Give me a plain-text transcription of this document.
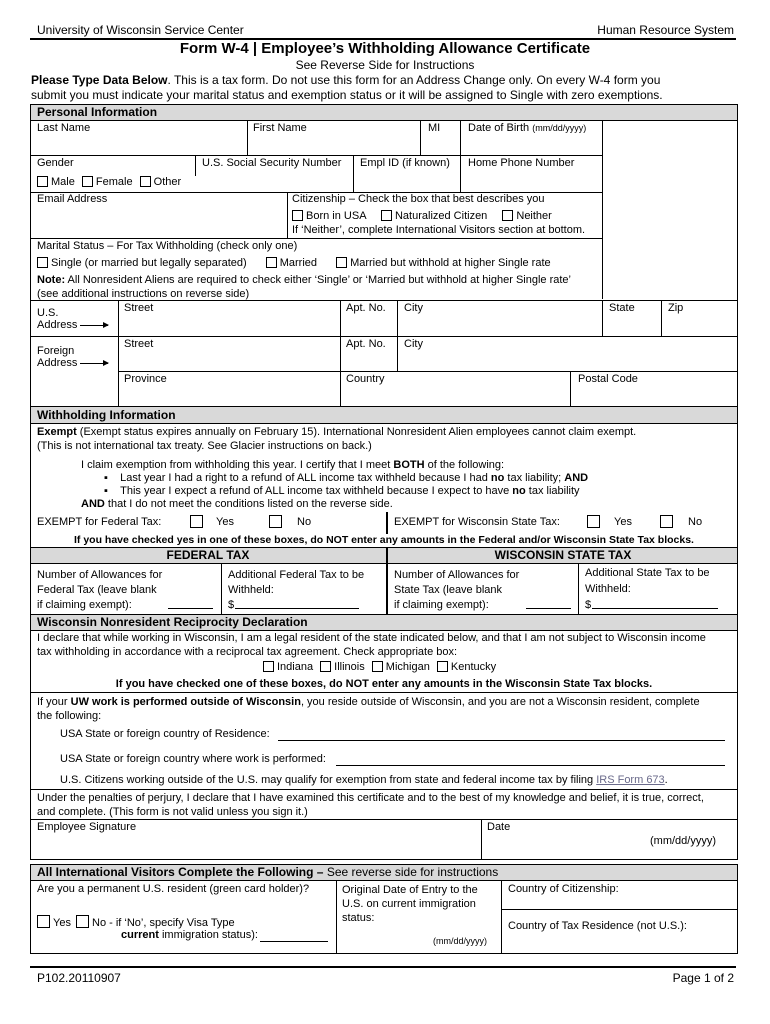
University of Wisconsin Service Center	Human Resource System
Form W-4 | Employee’s Withholding Allowance Certificate
See Reverse Side for Instructions
Please Type Data Below. This is a tax form. Do not use this form for an Address Change only. On every W-4 form you
submit you must indicate your marital status and exemption status or it will be assigned to Single with zero exemptions.
Personal Information
Last Name	First Name	MI	Date of Birth (mm/dd/yyyy)
Gender
Male Female Other
U.S. Social Security Number Empl ID (if known) Home Phone Number
Email Address	Citizenship – Check the box that best describes you
Born in USA	Naturalized Citizen	Neither
If ‘Neither’, complete International Visitors section at bottom.
Marital Status – For Tax Withholding (check only one)
Single (or married but legally separated)	Married	Married but withhold at higher Single rate
Note: All Nonresident Aliens are required to check either ‘Single’ or ‘Married but withhold at higher Single rate’
(see additional instructions on reverse side)
U.S.
Address
Street	Apt. No. City	State	Zip
Foreign
Address
Street	Apt. No. City
Province	Country	Postal Code
Withholding Information
Exempt (Exempt status expires annually on February 15). International Nonresident Alien employees cannot claim exempt.
(This is not international tax treaty. See Glacier instructions on back.)
I claim exemption from withholding this year. I certify that I meet BOTH of the following:
▪    Last year I had a right to a refund of ALL income tax withheld because I had no tax liability; AND
▪    This year I expect a refund of ALL income tax withheld because I expect to have no tax liability
AND that I do not meet the conditions listed on the reverse side.
EXEMPT for Federal Tax:	Yes	No	EXEMPT for Wisconsin State Tax:	Yes	No
If you have checked yes in one of these boxes, do NOT enter any amounts in the Federal and/or Wisconsin State Tax blocks.
FEDERAL TAX	WISCONSIN STATE TAX
Number of Allowances for
Federal Tax (leave blank
if claiming exempt):
Additional Federal Tax to be
Withheld:
$
Number of Allowances for
State Tax (leave blank
if claiming exempt):
Additional State Tax to be
Withheld:
$
Wisconsin Nonresident Reciprocity Declaration
I declare that while working in Wisconsin, I am a legal resident of the state indicated below, and that I am not subject to Wisconsin income
tax withholding in accordance with a reciprocal tax agreement. Check appropriate box:
Indiana Illinois Michigan Kentucky
If you have checked one of these boxes, do NOT enter any amounts in the Wisconsin State Tax blocks.
If your UW work is performed outside of Wisconsin, you reside outside of Wisconsin, and you are not a Wisconsin resident, complete
the following:
USA State or foreign country of Residence:
USA State or foreign country where work is performed:
U.S. Citizens working outside of the U.S. may qualify for exemption from state and federal income tax by filing IRS Form 673.
Under the penalties of perjury, I declare that I have examined this certificate and to the best of my knowledge and belief, it is true, correct,
and complete. (This form is not valid unless you sign it.)
Employee Signature	Date
(mm/dd/yyyy)
All International Visitors Complete the Following – See reverse side for instructions
Are you a permanent U.S. resident (green card holder)?
Yes No - if ‘No’, specify Visa Type
current immigration status):
Original Date of Entry to the
U.S. on current immigration
status:
(mm/dd/yyyy)
Country of Citizenship:
Country of Tax Residence (not U.S.):
P102.20110907	Page 1 of 2
